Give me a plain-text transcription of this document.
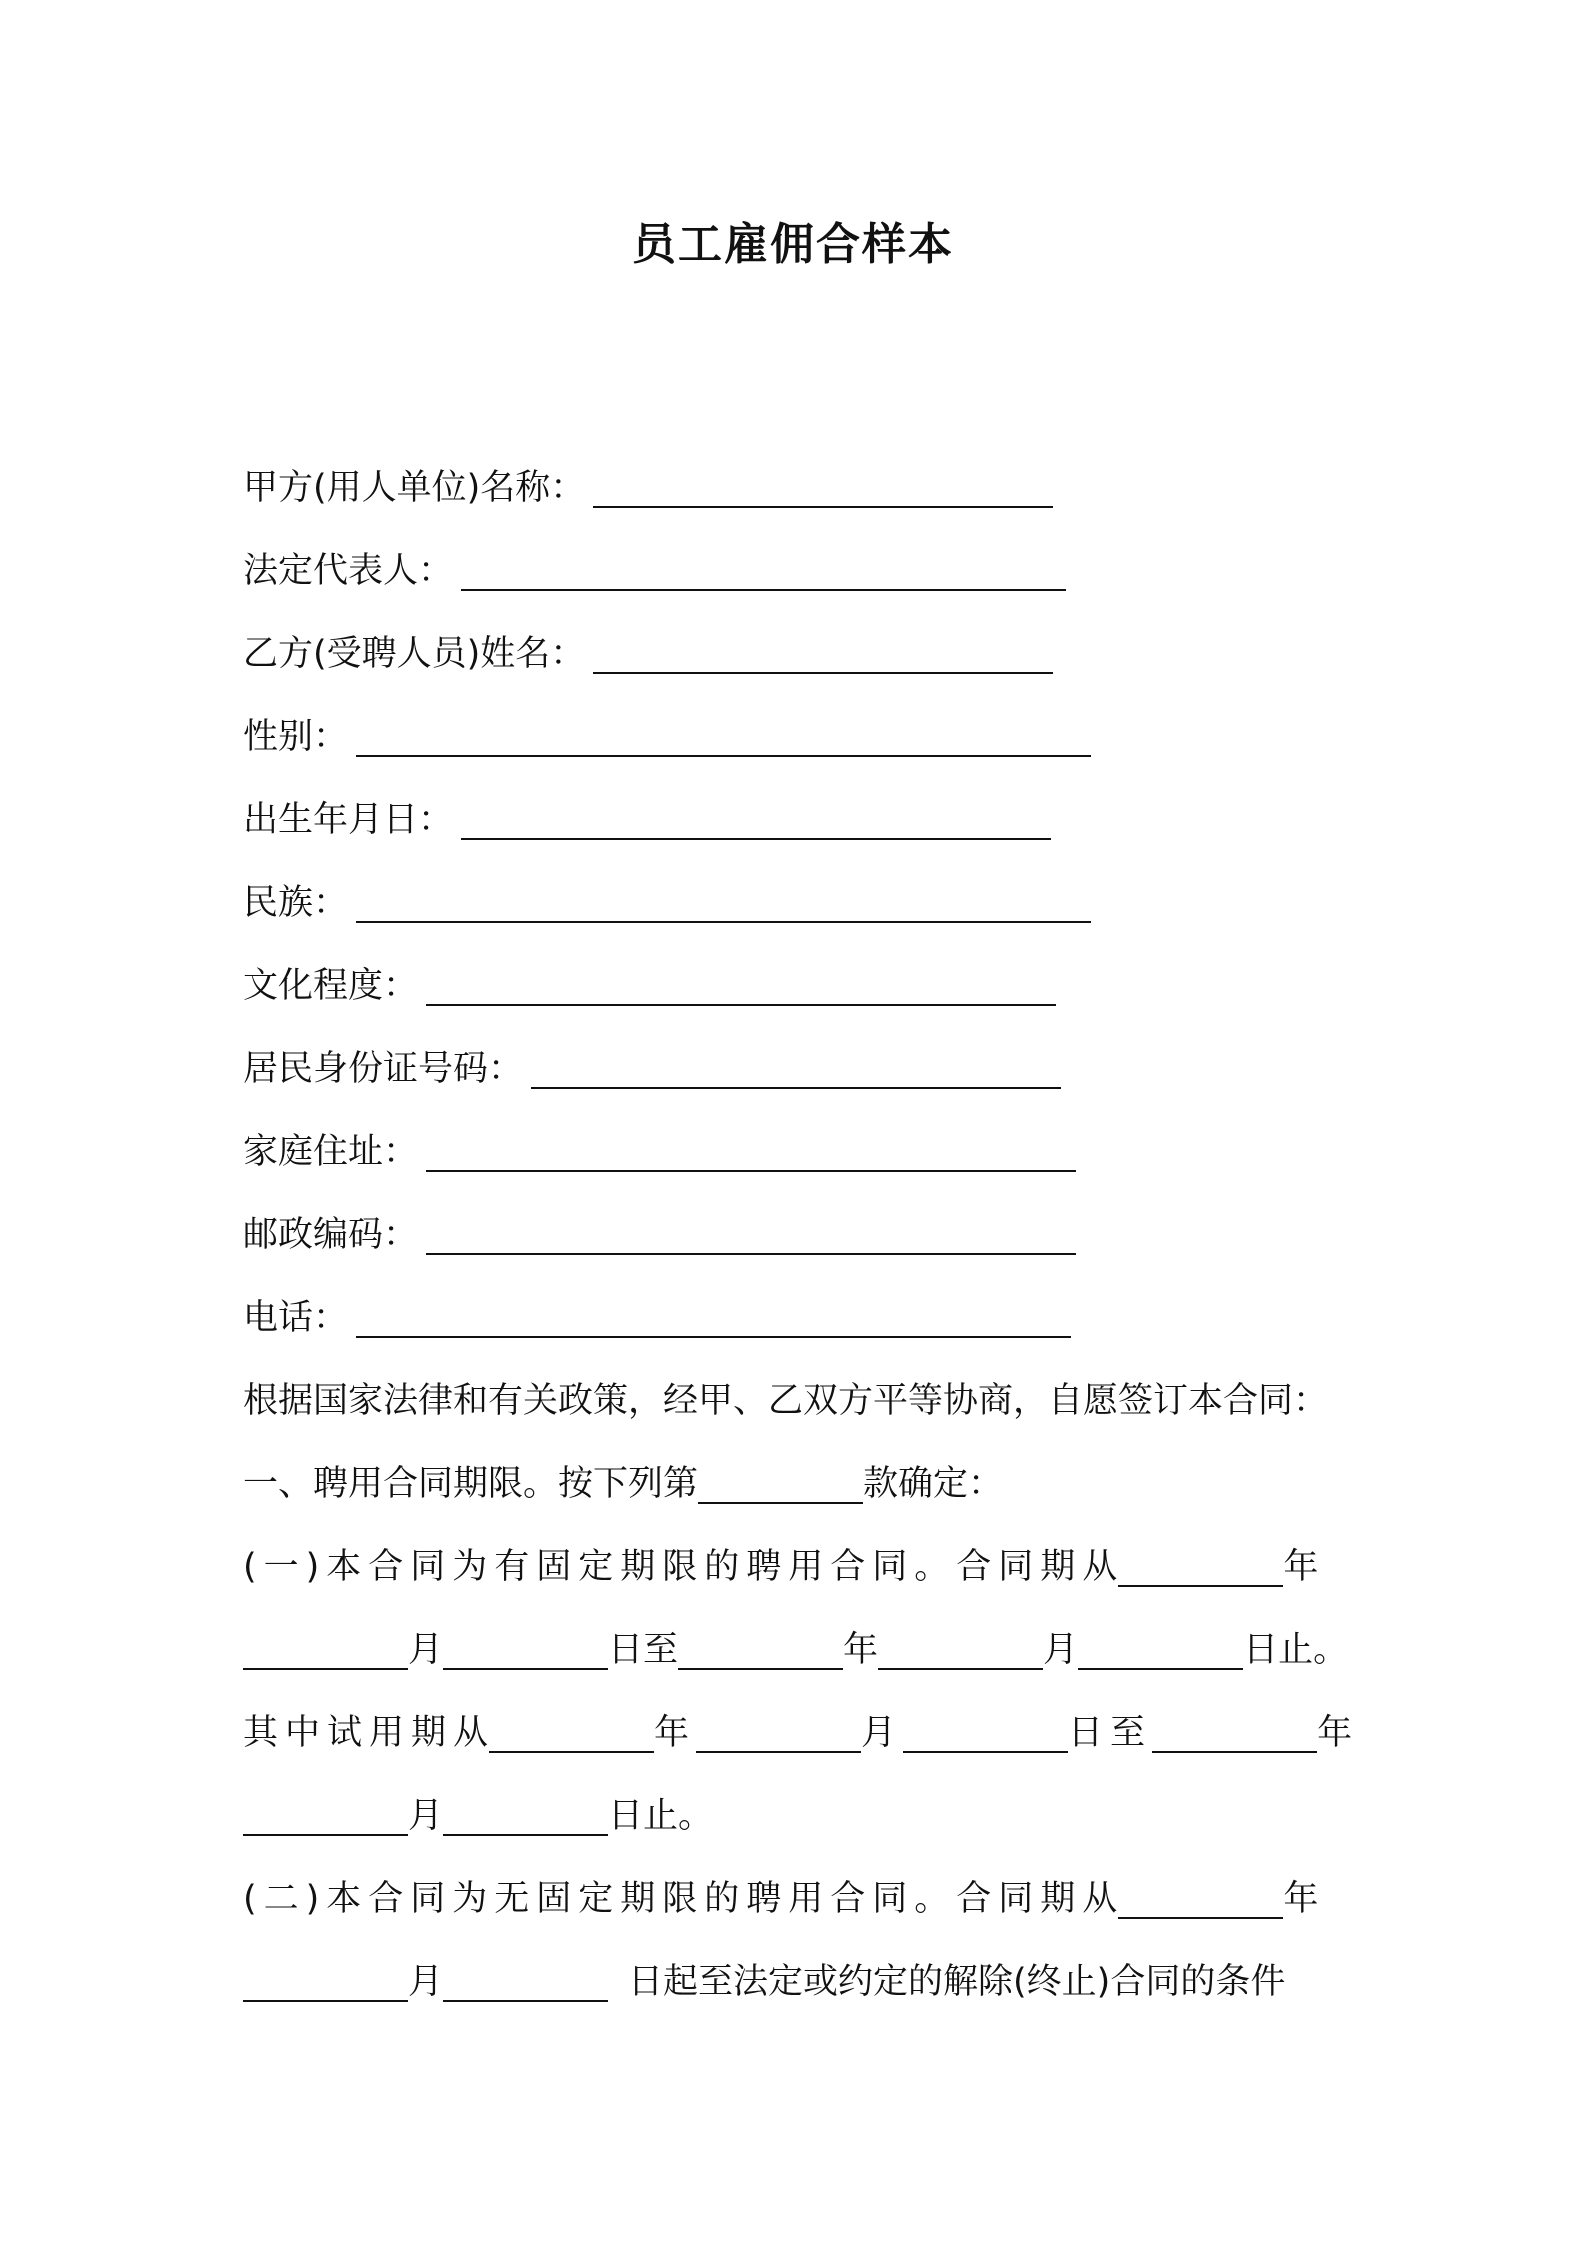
员工雇佣合样本
甲方(用人单位)名称：
法定代表人：
乙方(受聘人员)姓名：
性别：
出生年月日：
民族：
文化程度：
居民身份证号码：
家庭住址：
邮政编码：
电话：
根据国家法律和有关政策，经甲、乙双方平等协商，自愿签订本合同：
一、聘用合同期限。按下列第	款确定：
(一)本合同为有固定期限的聘用合同。合同期从	年
月	日至	年	月	日止。
其中试用期从	年	月	日至	年
月	日止。
(二)本合同为无固定期限的聘用合同。合同期从	年
月	日起至法定或约定的解除(终止)合同的条件
